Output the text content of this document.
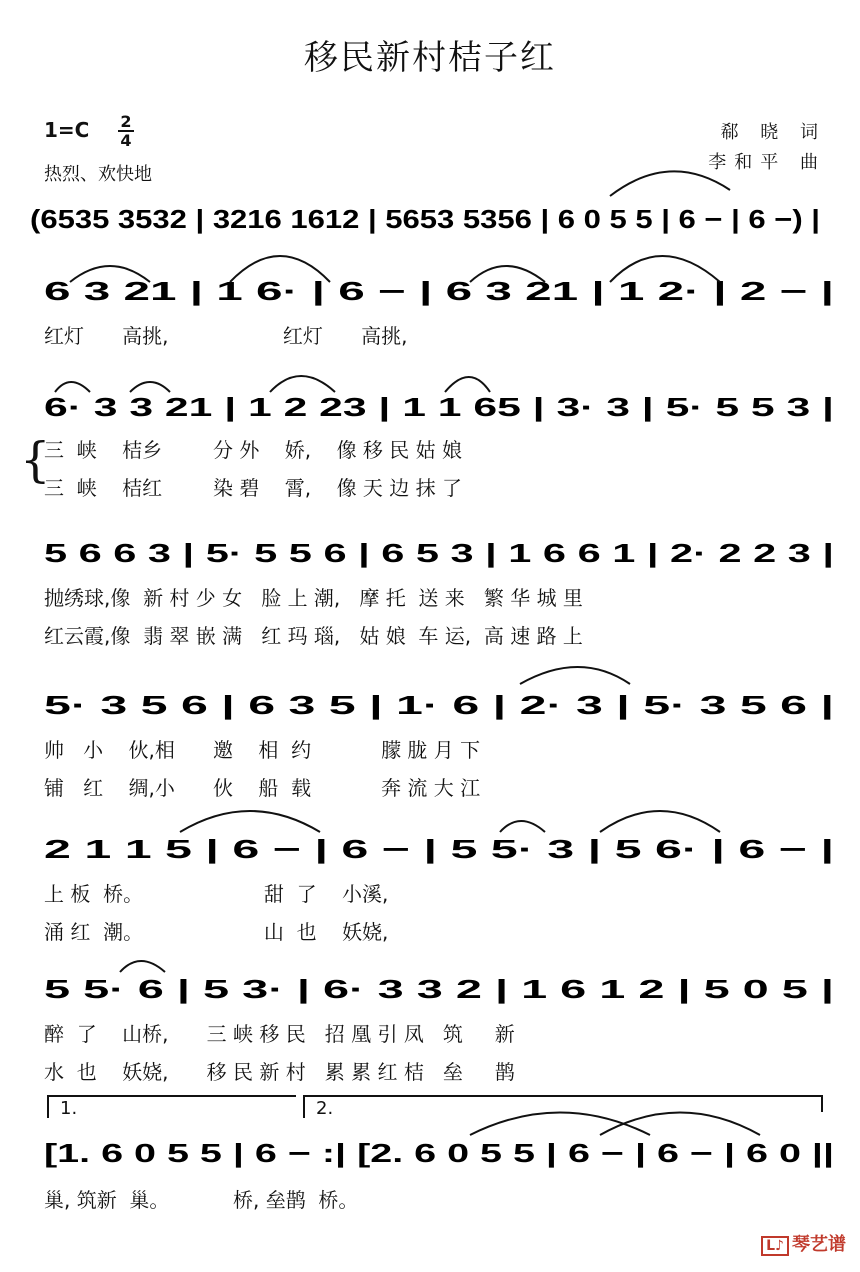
移民新村桔子红
1=C 2
4
热烈、欢快地
郗 晓 词
李和平 曲
(6535 3532 | 3216 1612 | 5653 5356 | 6 0 5 5 | 6 − | 6 −) |
6 3 21 | 1 6· | 6 − | 6 3 21 | 1 2· | 2 − |
6· 3 3 21 | 1 2 23 | 1 1 65 | 3· 3 | 5· 5 5 3 |
5 6 6 3 | 5· 5 5 6 | 6 5 3 | 1 6 6 1 | 2· 2 2 3 |
5· 3 5 6 | 6 3 5 | 1· 6 | 2· 3 | 5· 3 5 6 |
2 1 1 5 | 6 − | 6 − | 5 5· 3 | 5 6· | 6 − |
5 5· 6 | 5 3· | 6· 3 3 2 | 1 6 1 2 | 5 0 5 |
[1. 6 0 5 5 | 6 − :| [2. 6 0 5 5 | 6 − | 6 − | 6 0 ||
1.	2.
红灯      高挑,                  红灯      高挑,
三  峡    桔乡        分 外    娇,    像 移 民 姑 娘
三  峡    桔红        染 碧    霄,    像 天 边 抹 了
{
抛绣球,像  新 村 少 女   脸 上 潮,   摩 托  送 来   繁 华 城 里
红云霞,像  翡 翠 嵌 满   红 玛 瑙,   姑 娘  车 运,  高 速 路 上
帅   小    伙,相      邀    相  约           朦 胧 月 下
铺   红    绸,小      伙    船  载           奔 流 大 江
上 板  桥。                   甜  了    小溪,
涌 红  潮。                   山  也    妖娆,
醉  了    山桥,      三 峡 移 民   招 凰 引 凤   筑     新
水  也    妖娆,      移 民 新 村   累 累 红 桔   垒     鹊
巢, 筑新  巢。          桥, 垒鹊  桥。
L♪ 琴艺谱
